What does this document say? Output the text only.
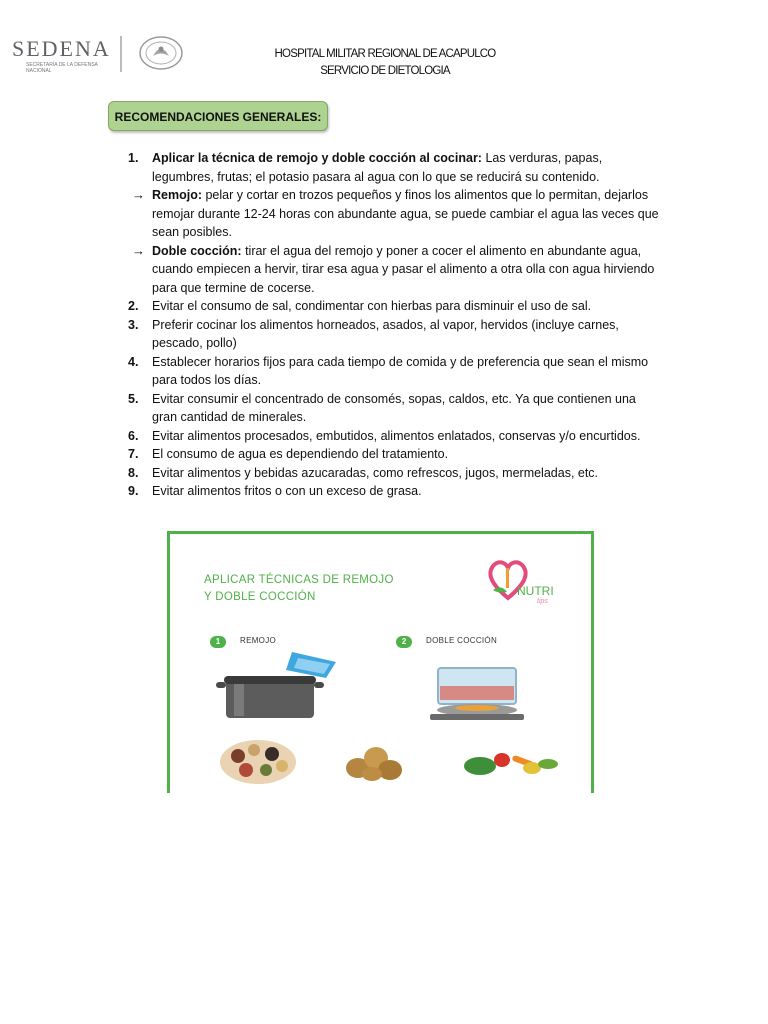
SEDENA
SECRETARÍA DE LA DEFENSA NACIONAL
HOSPITAL MILITAR REGIONAL DE ACAPULCO
SERVICIO DE DIETOLOGIA
RECOMENDACIONES GENERALES:
1. Aplicar la técnica de remojo y doble cocción al cocinar: Las verduras, papas, legumbres, frutas; el potasio pasara al agua con lo que se reducirá su contenido.
→ Remojo: pelar y cortar en trozos pequeños y finos los alimentos que lo permitan, dejarlos remojar durante 12-24 horas con abundante agua, se puede cambiar el agua las veces que sean posibles.
→ Doble cocción: tirar el agua del remojo y poner a cocer el alimento en abundante agua, cuando empiecen a hervir, tirar esa agua y pasar el alimento a otra olla con agua hirviendo para que termine de cocerse.
2. Evitar el consumo de sal, condimentar con hierbas para disminuir el uso de sal.
3. Preferir cocinar los alimentos horneados, asados, al vapor, hervidos (incluye carnes, pescado, pollo)
4. Establecer horarios fijos para cada tiempo de comida y de preferencia que sean el mismo para todos los días.
5. Evitar consumir el concentrado de consomés, sopas, caldos, etc. Ya que contienen una gran cantidad de minerales.
6. Evitar alimentos procesados, embutidos, alimentos enlatados, conservas y/o encurtidos.
7. El consumo de agua es dependiendo del tratamiento.
8. Evitar alimentos y bebidas azucaradas, como refrescos, jugos, mermeladas, etc.
9. Evitar alimentos fritos o con un exceso de grasa.
APLICAR TÉCNICAS DE REMOJO
Y DOBLE COCCIÓN	NUTRI
tips
1	REMOJO	2	DOBLE COCCIÓN
